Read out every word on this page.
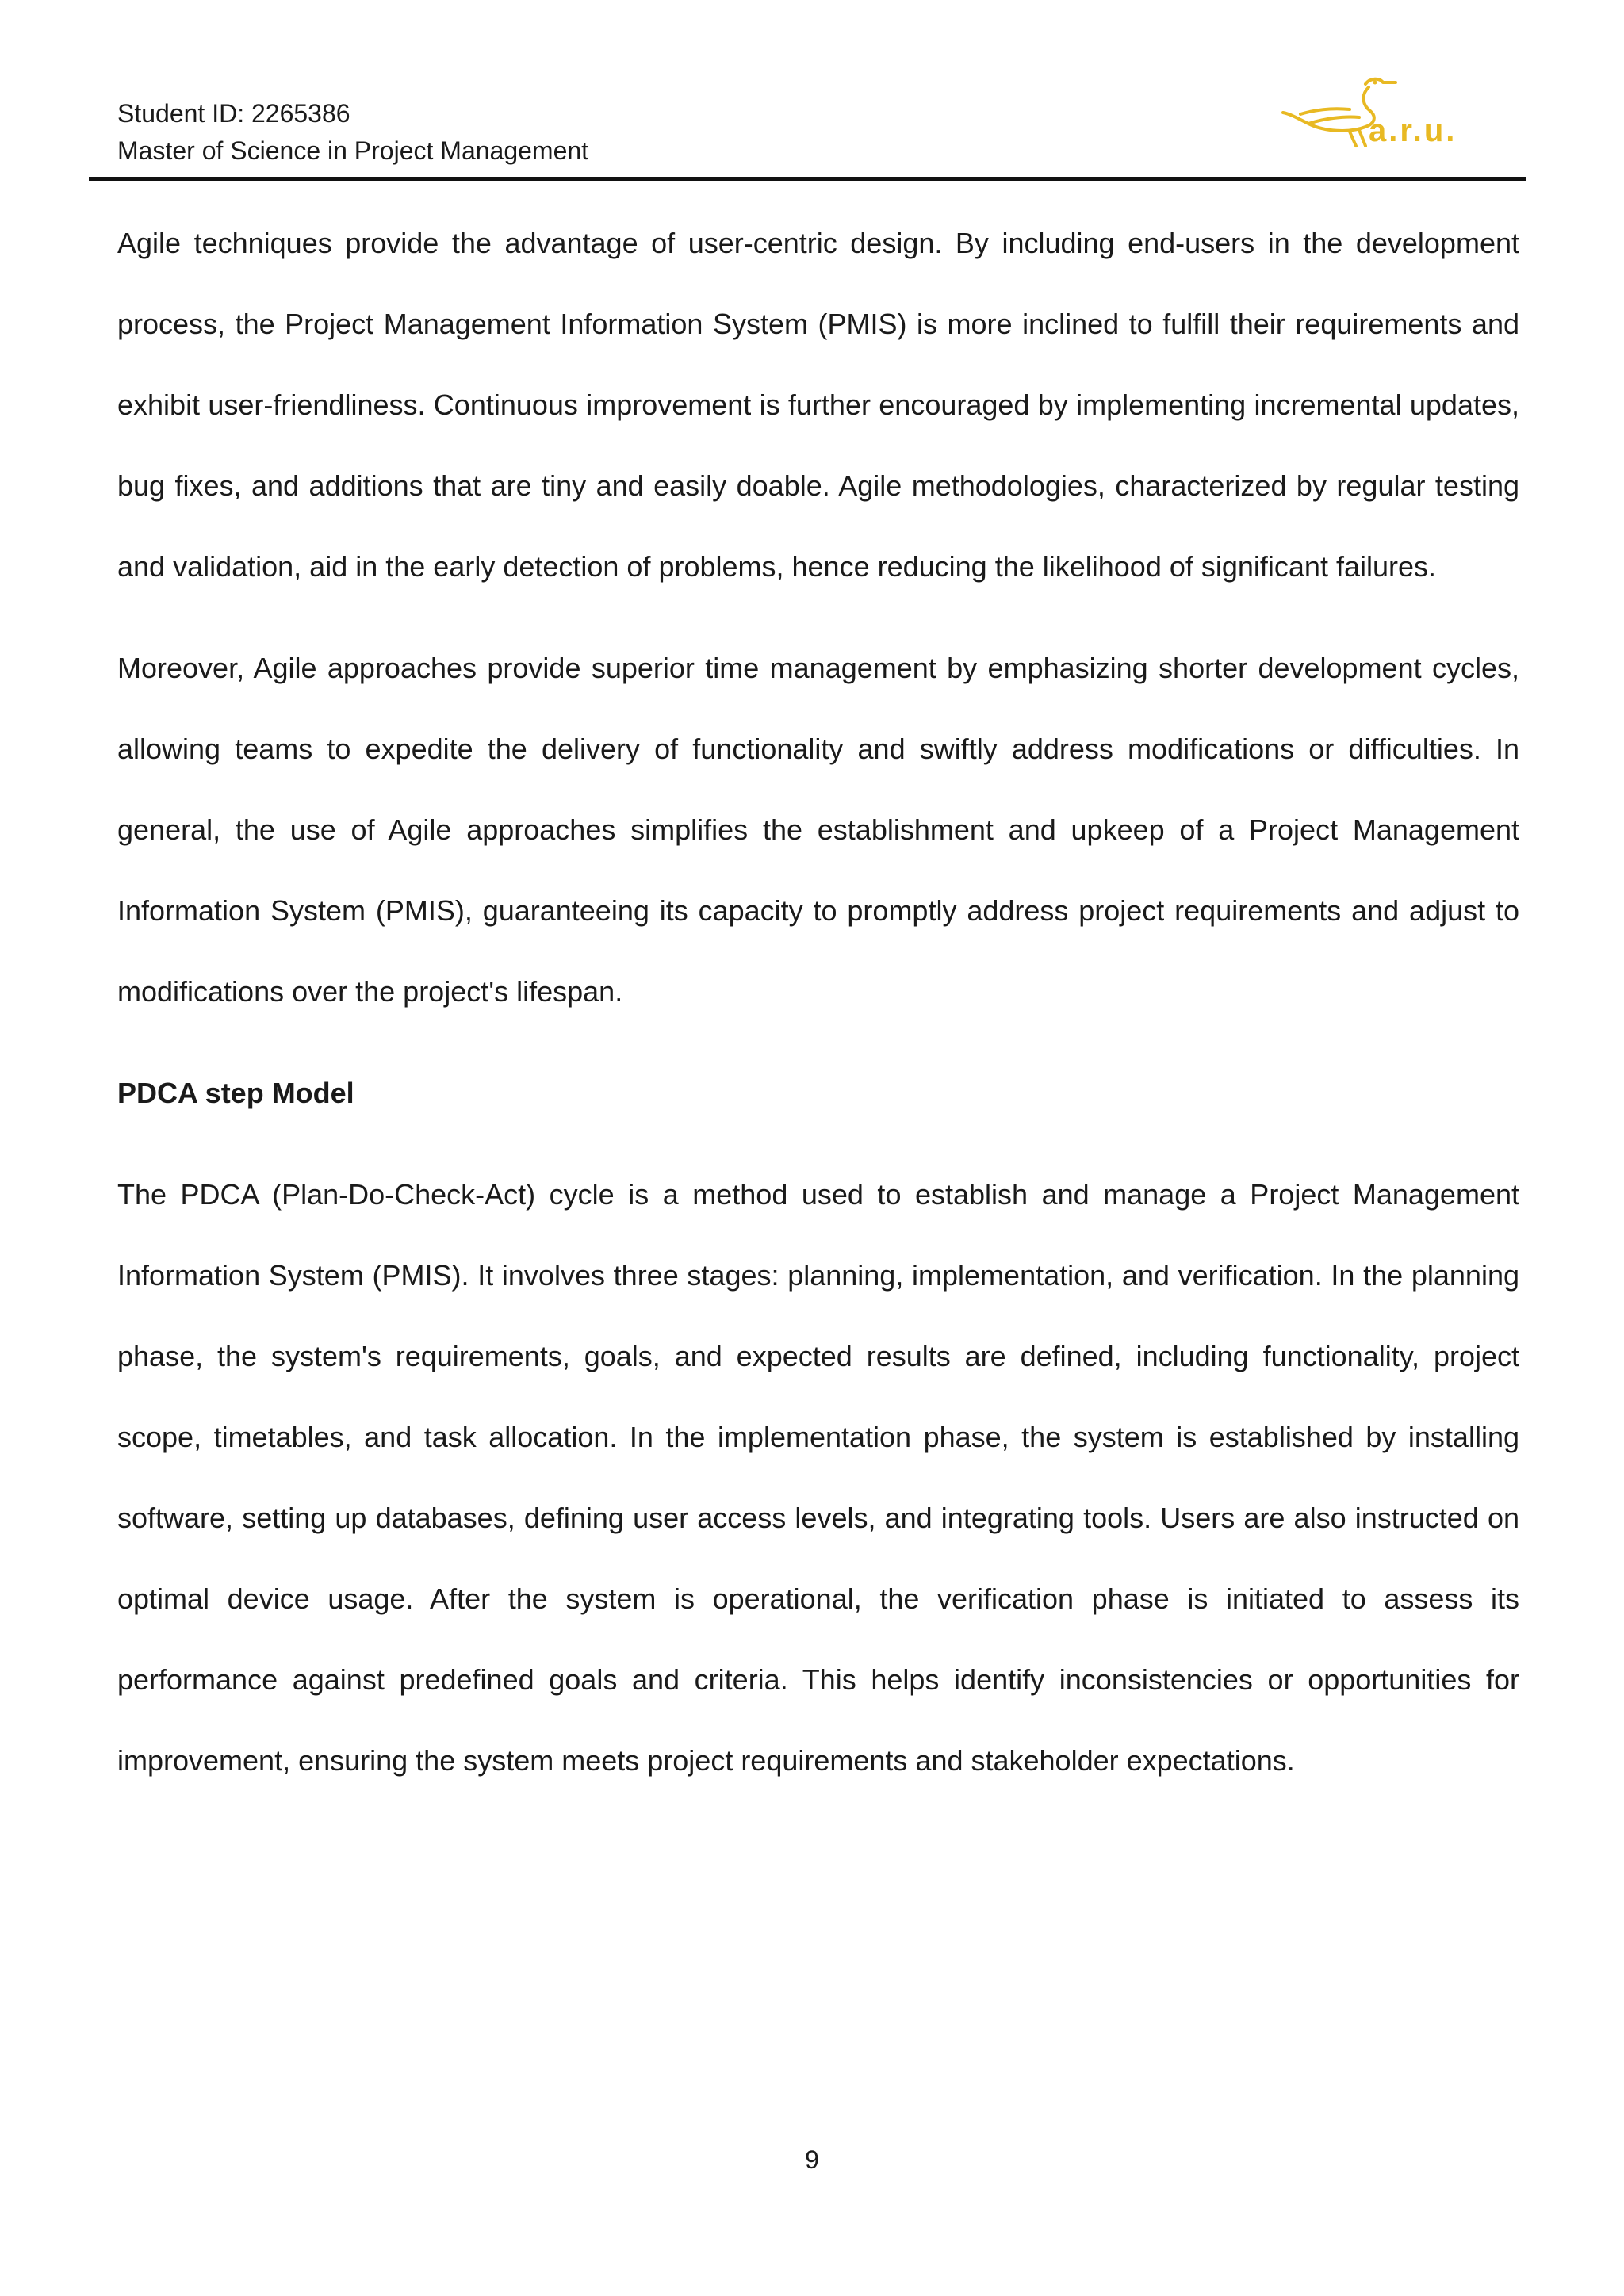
Student ID: 2265386
Master of Science in Project Management
a.r.u.

Agile techniques provide the advantage of user-centric design. By including end-users in the development process, the Project Management Information System (PMIS) is more inclined to fulfill their requirements and exhibit user-friendliness. Continuous improvement is further encouraged by implementing incremental updates, bug fixes, and additions that are tiny and easily doable. Agile methodologies, characterized by regular testing and validation, aid in the early detection of problems, hence reducing the likelihood of significant failures.

Moreover, Agile approaches provide superior time management by emphasizing shorter development cycles, allowing teams to expedite the delivery of functionality and swiftly address modifications or difficulties. In general, the use of Agile approaches simplifies the establishment and upkeep of a Project Management Information System (PMIS), guaranteeing its capacity to promptly address project requirements and adjust to modifications over the project's lifespan.

PDCA step Model

The PDCA (Plan-Do-Check-Act) cycle is a method used to establish and manage a Project Management Information System (PMIS). It involves three stages: planning, implementation, and verification. In the planning phase, the system's requirements, goals, and expected results are defined, including functionality, project scope, timetables, and task allocation. In the implementation phase, the system is established by installing software, setting up databases, defining user access levels, and integrating tools. Users are also instructed on optimal device usage. After the system is operational, the verification phase is initiated to assess its performance against predefined goals and criteria. This helps identify inconsistencies or opportunities for improvement, ensuring the system meets project requirements and stakeholder expectations.

9
